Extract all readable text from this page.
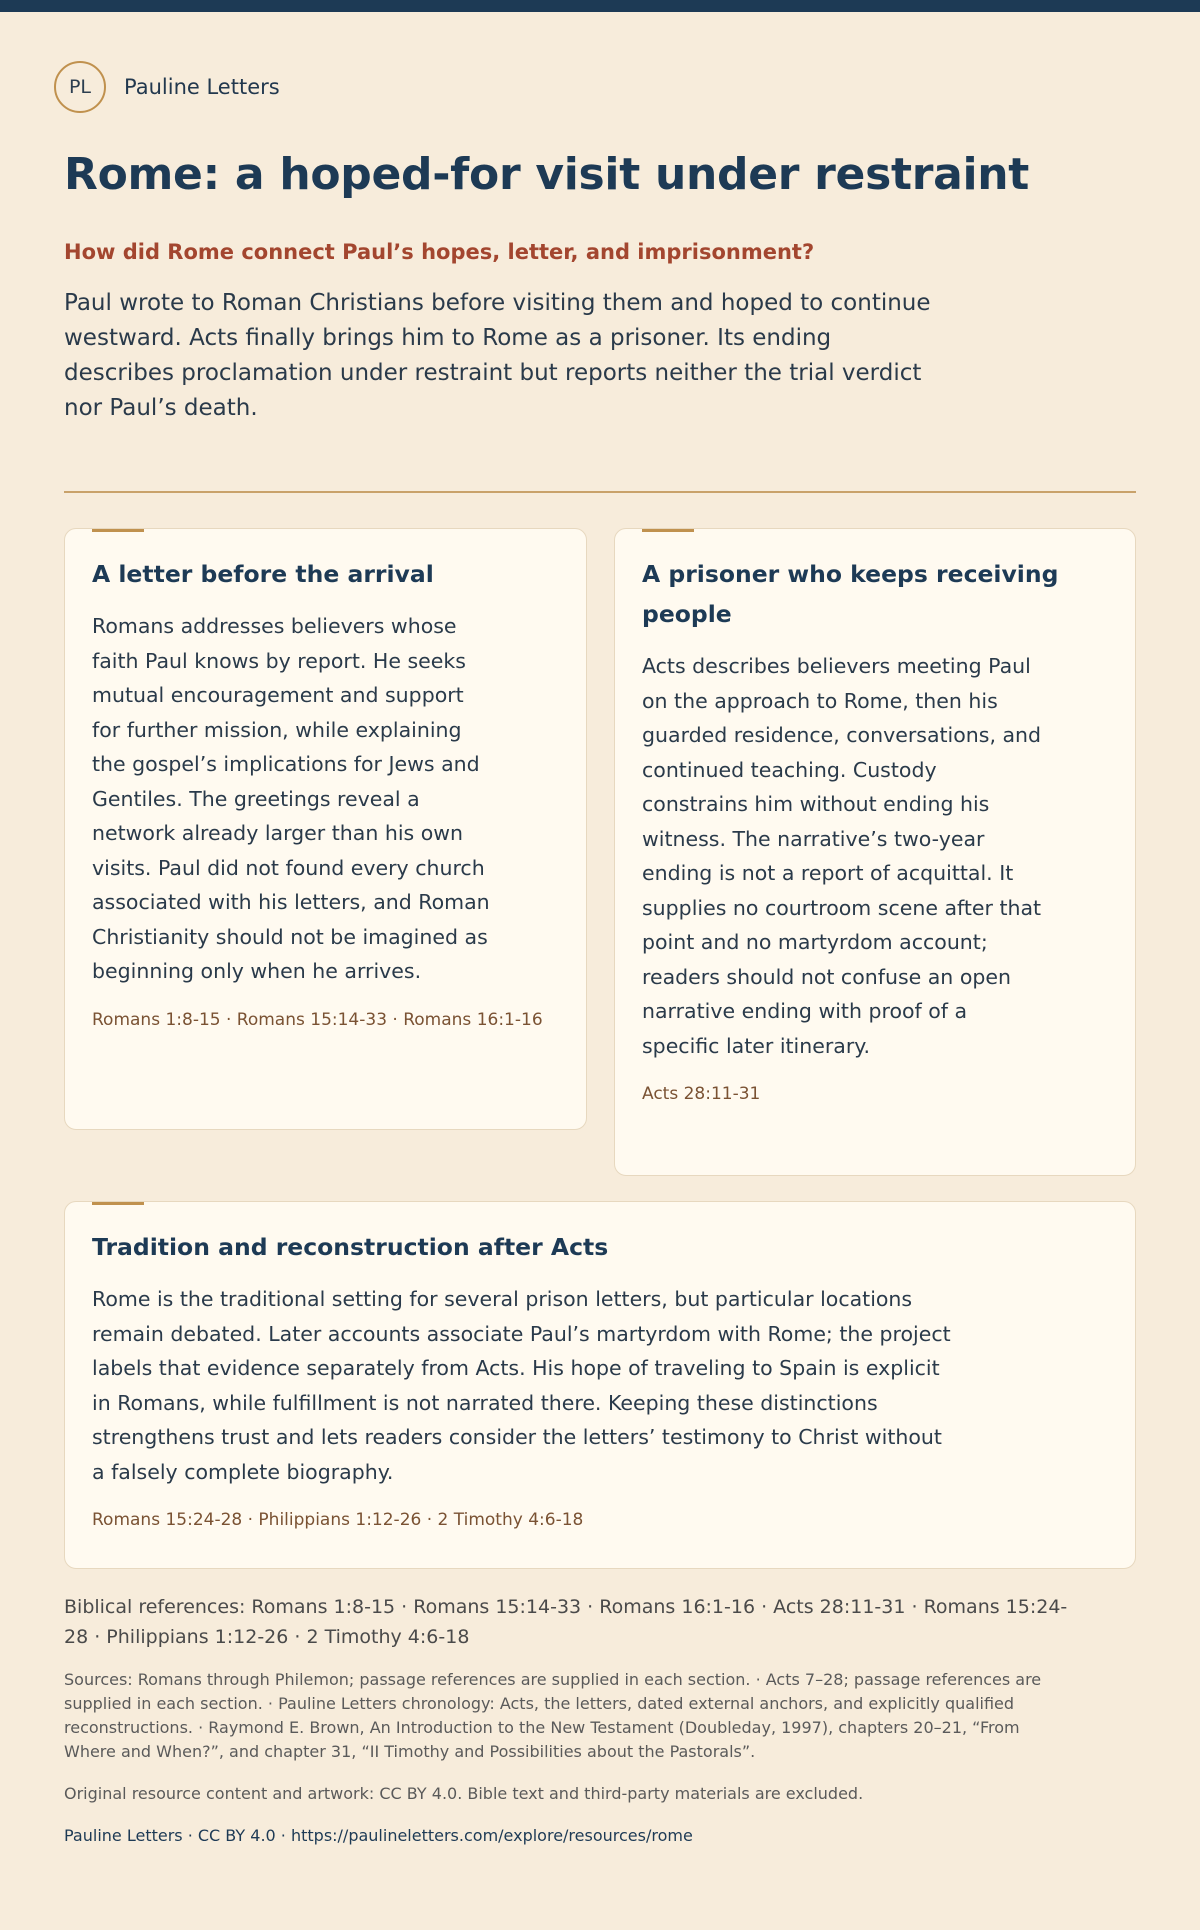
PL	Pauline Letters
Rome: a hoped-for visit under restraint
How did Rome connect Paul’s hopes, letter, and imprisonment?

Paul wrote to Roman Christians before visiting them and hoped to continue westward. Acts finally brings him to Rome as a prisoner. Its ending describes proclamation under restraint but reports neither the trial verdict nor Paul’s death.

A letter before the arrival

Romans addresses believers whose faith Paul knows by report. He seeks mutual encouragement and support for further mission, while explaining the gospel’s implications for Jews and Gentiles. The greetings reveal a network already larger than his own visits. Paul did not found every church associated with his letters, and Roman Christianity should not be imagined as beginning only when he arrives.

Romans 1:8-15 · Romans 15:14-33 · Romans 16:1-16

A prisoner who keeps receiving people

Acts describes believers meeting Paul on the approach to Rome, then his guarded residence, conversations, and continued teaching. Custody constrains him without ending his witness. The narrative’s two-year ending is not a report of acquittal. It supplies no courtroom scene after that point and no martyrdom account; readers should not confuse an open narrative ending with proof of a specific later itinerary.

Acts 28:11-31

Tradition and reconstruction after Acts

Rome is the traditional setting for several prison letters, but particular locations remain debated. Later accounts associate Paul’s martyrdom with Rome; the project labels that evidence separately from Acts. His hope of traveling to Spain is explicit in Romans, while fulfillment is not narrated there. Keeping these distinctions strengthens trust and lets readers consider the letters’ testimony to Christ without a falsely complete biography.

Romans 15:24-28 · Philippians 1:12-26 · 2 Timothy 4:6-18

Biblical references: Romans 1:8-15 · Romans 15:14-33 · Romans 16:1-16 · Acts 28:11-31 · Romans 15:24-28 · Philippians 1:12-26 · 2 Timothy 4:6-18

Sources: Romans through Philemon; passage references are supplied in each section. · Acts 7–28; passage references are supplied in each section. · Pauline Letters chronology: Acts, the letters, dated external anchors, and explicitly qualified reconstructions. · Raymond E. Brown, An Introduction to the New Testament (Doubleday, 1997), chapters 20–21, “From Where and When?”, and chapter 31, “II Timothy and Possibilities about the Pastorals”.

Original resource content and artwork: CC BY 4.0. Bible text and third-party materials are excluded.

Pauline Letters · CC BY 4.0 · https://paulineletters.com/explore/resources/rome
